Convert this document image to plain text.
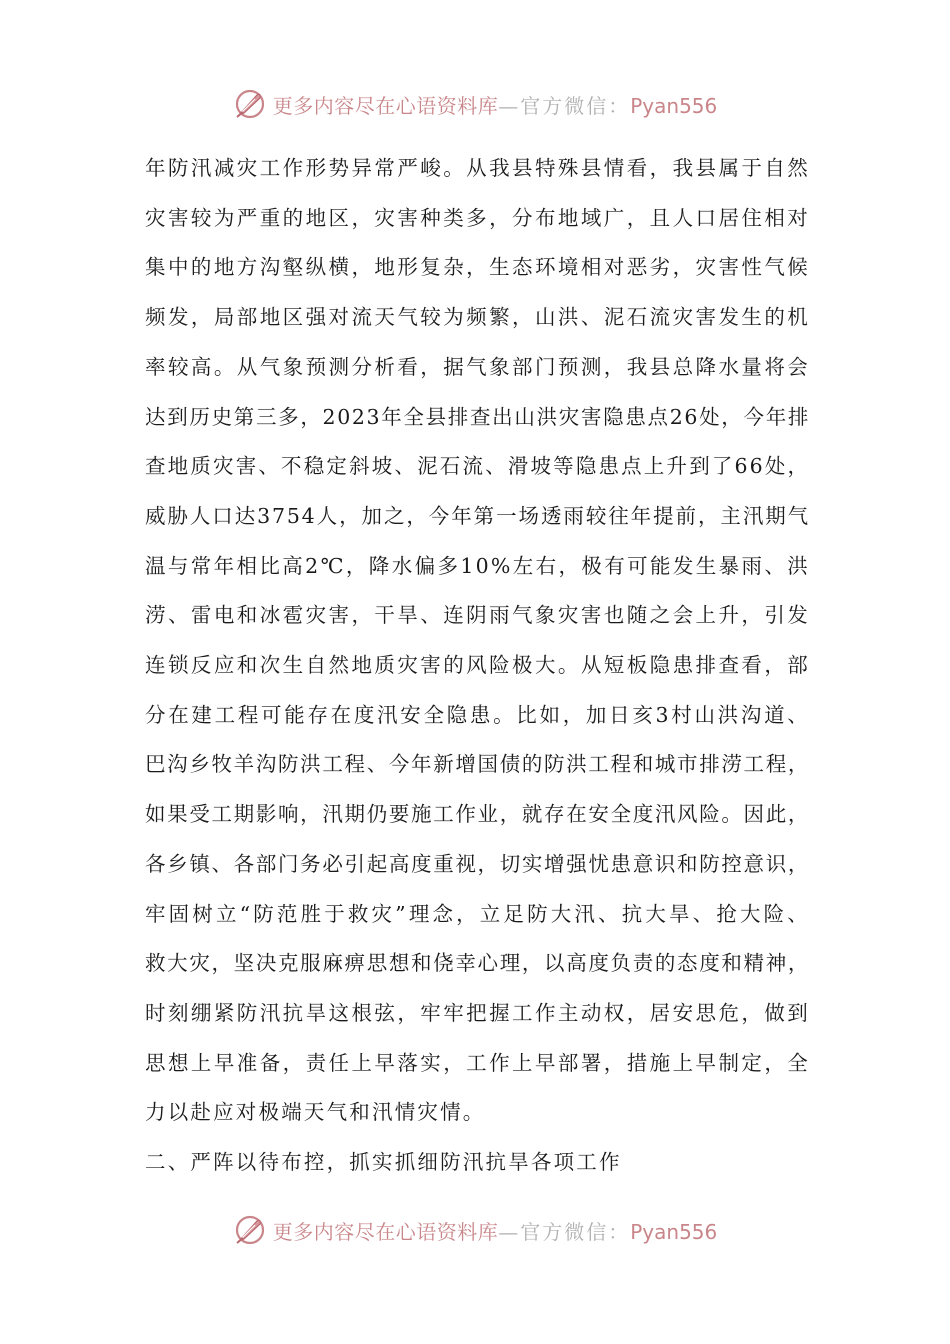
更多内容尽在心语资料库—官方微信：Pyan556

年防汛减灾工作形势异常严峻。从我县特殊县情看，我县属于自然
灾害较为严重的地区，灾害种类多，分布地域广，且人口居住相对
集中的地方沟壑纵横，地形复杂，生态环境相对恶劣，灾害性气候
频发，局部地区强对流天气较为频繁，山洪、泥石流灾害发生的机
率较高。从气象预测分析看，据气象部门预测，我县总降水量将会
达到历史第三多，2023年全县排查出山洪灾害隐患点26处，今年排
查地质灾害、不稳定斜坡、泥石流、滑坡等隐患点上升到了66处，
威胁人口达3754人，加之，今年第一场透雨较往年提前，主汛期气
温与常年相比高2℃，降水偏多10%左右，极有可能发生暴雨、洪
涝、雷电和冰雹灾害，干旱、连阴雨气象灾害也随之会上升，引发
连锁反应和次生自然地质灾害的风险极大。从短板隐患排查看，部
分在建工程可能存在度汛安全隐患。比如，加日亥3村山洪沟道、
巴沟乡牧羊沟防洪工程、今年新增国债的防洪工程和城市排涝工程，
如果受工期影响，汛期仍要施工作业，就存在安全度汛风险。因此，
各乡镇、各部门务必引起高度重视，切实增强忧患意识和防控意识，
牢固树立“防范胜于救灾”理念，立足防大汛、抗大旱、抢大险、
救大灾，坚决克服麻痹思想和侥幸心理，以高度负责的态度和精神，
时刻绷紧防汛抗旱这根弦，牢牢把握工作主动权，居安思危，做到
思想上早准备，责任上早落实，工作上早部署，措施上早制定，全
力以赴应对极端天气和汛情灾情。

二、严阵以待布控，抓实抓细防汛抗旱各项工作

更多内容尽在心语资料库—官方微信：Pyan556
